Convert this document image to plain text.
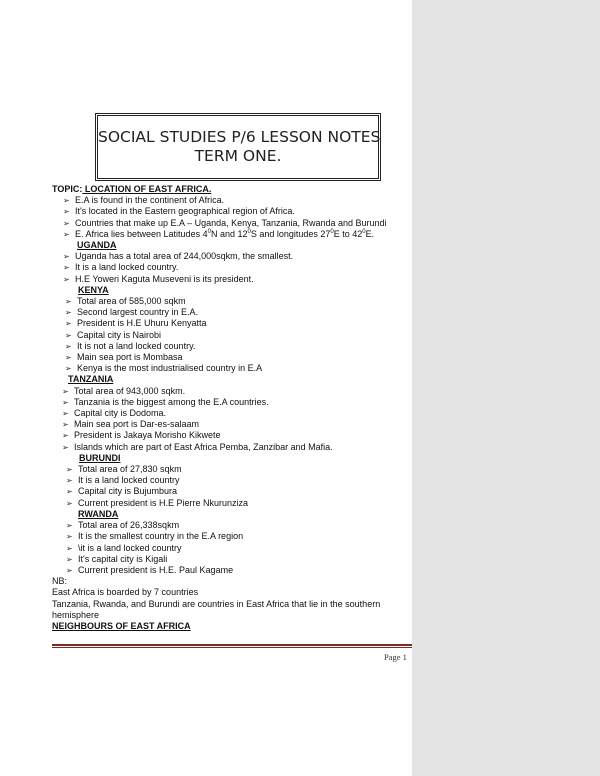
SOCIAL STUDIES P/6 LESSON NOTES
TERM ONE.
TOPIC: LOCATION OF EAST AFRICA.
➢ E.A is found in the continent of Africa.
➢ It's located in the Eastern geographical region of Africa.
➢ Countries that make up E.A – Uganda, Kenya, Tanzania, Rwanda and Burundi
➢ E. Africa lies between Latitudes $4^0N$ and $12^0S$ and longitudes $27^0E$ to $42^0E$.
UGANDA
➢ Uganda has a total area of 244,000sqkm, the smallest.
➢ It is a land locked country.
➢ H.E Yoweri Kaguta Museveni is its president.
KENYA
➢ Total area of 585,000 sqkm
➢ Second largest country in E.A.
➢ President is H.E Uhuru Kenyatta
➢ Capital city is Nairobi
➢ It is not a land locked country.
➢ Main sea port is Mombasa
➢ Kenya is the most industrialised country in E.A
TANZANIA
➢ Total area of 943,000 sqkm.
➢ Tanzania is the biggest among the E.A countries.
➢ Capital city is Dodoma.
➢ Main sea port is Dar-es-salaam
➢ President is Jakaya Morisho Kikwete
➢ Islands which are part of East Africa Pemba, Zanzibar and Mafia.
BURUNDI
➢ Total area of 27,830 sqkm
➢ It is a land locked country
➢ Capital city is Bujumbura
➢ Current president is H.E Pierre Nkurunziza
RWANDA
➢ Total area of 26,338sqkm
➢ It is the smallest country in the E.A region
➢ \it is a land locked country
➢ It's capital city is Kigali
➢ Current president is H.E. Paul Kagame
NB:
East Africa is boarded by 7 countries
Tanzania, Rwanda, and Burundi are countries in East Africa that lie in the southern
hemisphere
NEIGHBOURS OF EAST AFRICA
Page 1
